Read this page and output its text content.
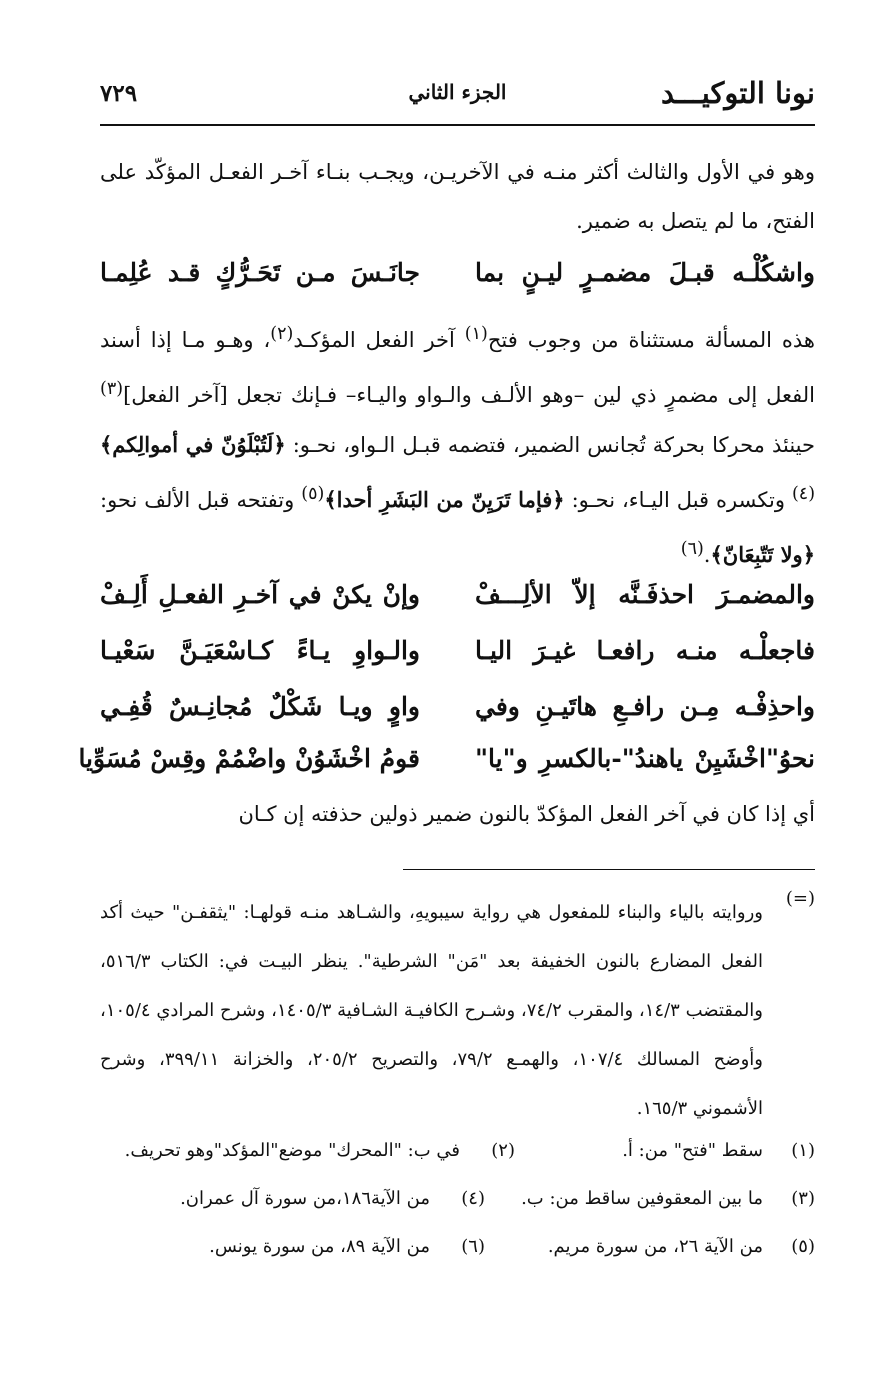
نونا التوكيـــد
الجزء الثاني
٧٢٩
وهو في الأول والثالث أكثر منـه في الآخريـن، ويجـب بنـاء آخـر الفعـل المؤكّد على الفتح، ما لم يتصل به ضمير.
واشكُلْـه قبـلَ مضمـرٍ ليـنٍ بما
جانَـسَ مـن تَحَـرُّكٍ قـد عُلِمـا
هذه المسألة مستثناة من وجوب فتح$^{(١)}$ آخر الفعل المؤكـد$^{(٢)}$، وهـو مـا إذا أسند الفعل إلى مضمرٍ ذي لين –وهو الألـف والـواو واليـاء– فـإنك تجعل [آخر الفعل]$^{(٣)}$ حينئذ محركا بحركة تُجانس الضمير، فتضمه قبـل الـواو، نحـو: ﴿لَتُبْلَوُنّ في أموالِكم﴾$^{(٤)}$ وتكسره قبل اليـاء، نحـو: ﴿فإما تَرَيِنّ من البَشَرِ أحدا﴾$^{(٥)}$ وتفتحه قبل الألف نحو: ﴿ولا تَتّبِعَانّ﴾.$^{(٦)}$
والمضمـرَ احذفَـنَّه إلاّ الألِـــفْ
وإنْ يكنْ في آخـرِ الفعـلِ أَلِـفْ
فاجعلْـه منـه رافعـا غيـرَ اليـا
والـواوِ يـاءً كـاسْعَيَـنَّ سَعْيـا
واحذِفْـه مِـن رافـعِ هاتَيـنِ وفي
واوٍ ويـا شَكْلٌ مُجانِـسٌ قُفِـي
نحوُ"اخْشَيِنْ ياهندُ"-بالكسرِ و"يا"
قومُ اخْشَوُنْ واضْمُمْ وقِسْ مُسَوِّيا
أي إذا كان في آخر الفعل المؤكدّ بالنون ضمير ذولين حذفته إن كـان
(=)
وروايته بالياء والبناء للمفعول هي رواية سيبويهِ، والشـاهد منـه قولهـا: "يثقفـن" حيث أكد الفعل المضارع بالنون الخفيفة بعد "مَن" الشرطية". ينظر البيـت في: الكتاب ٥١٦/٣، والمقتضب ١٤/٣، والمقرب ٧٤/٢، وشـرح الكافيـة الشـافية ١٤٠٥/٣، وشرح المرادي ١٠٥/٤، وأوضح المسالك ١٠٧/٤، والهمـع ٧٩/٢، والتصريح ٢٠٥/٢، والخزانة ٣٩٩/١١، وشرح الأشموني ١٦٥/٣.
(١)
سقط "فتح" من: أ.
(٢)
في ب: "المحرك" موضع"المؤكد"وهو تحريف.
(٣)
ما بين المعقوفين ساقط من: ب.
(٤)
من الآية١٨٦،من سورة آل عمران.
(٥)
من الآية ٢٦، من سورة مريم.
(٦)
من الآية ٨٩، من سورة يونس.
